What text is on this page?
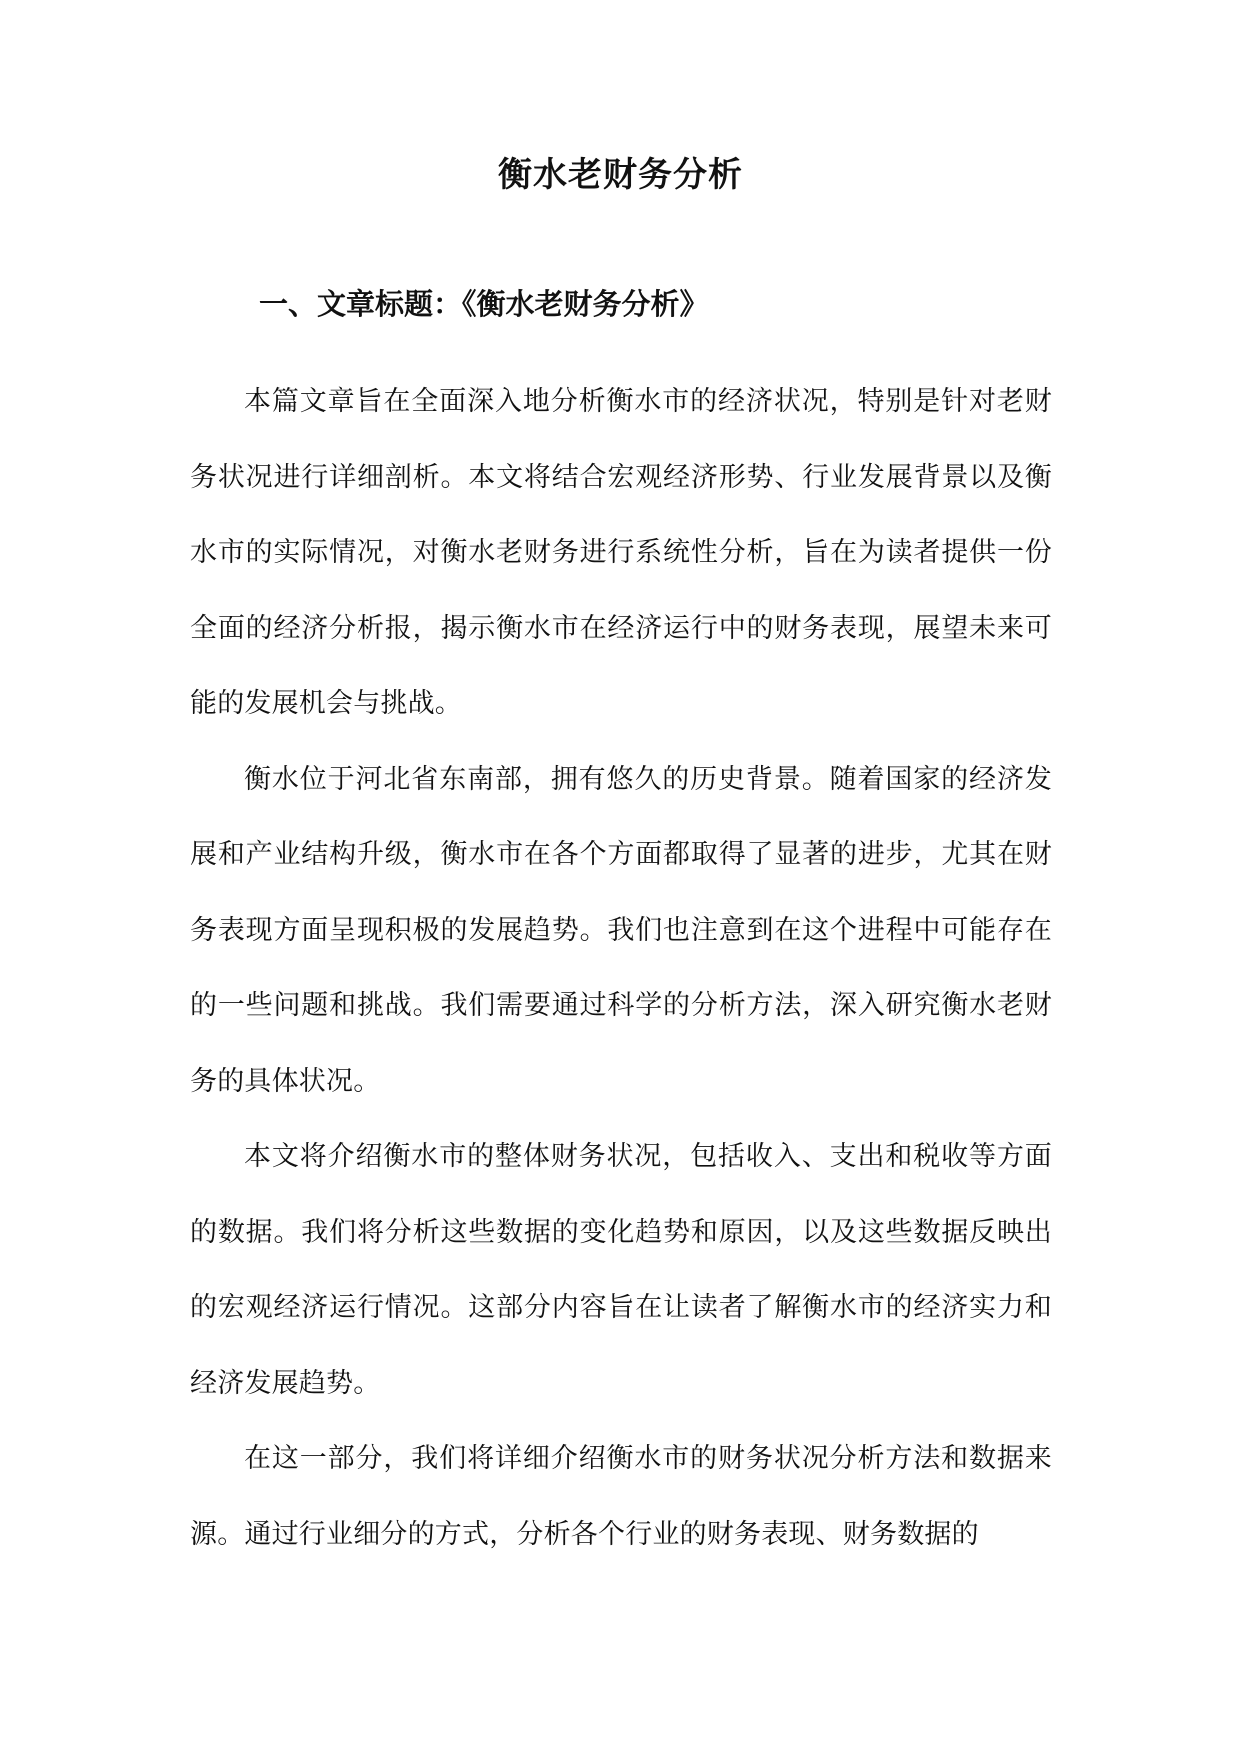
衡水老财务分析
一、文章标题：《衡水老财务分析》

本篇文章旨在全面深入地分析衡水市的经济状况，特别是针对老财务状况进行详细剖析。本文将结合宏观经济形势、行业发展背景以及衡水市的实际情况，对衡水老财务进行系统性分析，旨在为读者提供一份全面的经济分析报，揭示衡水市在经济运行中的财务表现，展望未来可能的发展机会与挑战。

衡水位于河北省东南部，拥有悠久的历史背景。随着国家的经济发展和产业结构升级，衡水市在各个方面都取得了显著的进步，尤其在财务表现方面呈现积极的发展趋势。我们也注意到在这个进程中可能存在的一些问题和挑战。我们需要通过科学的分析方法，深入研究衡水老财务的具体状况。

本文将介绍衡水市的整体财务状况，包括收入、支出和税收等方面的数据。我们将分析这些数据的变化趋势和原因，以及这些数据反映出的宏观经济运行情况。这部分内容旨在让读者了解衡水市的经济实力和经济发展趋势。

在这一部分，我们将详细介绍衡水市的财务状况分析方法和数据来源。通过行业细分的方式，分析各个行业的财务表现、财务数据的
